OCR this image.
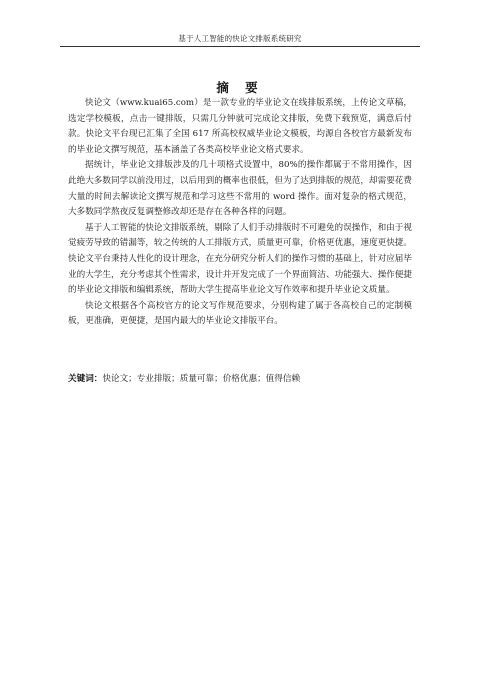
基于人工智能的快论文排版系统研究
摘 要

快论文（www.kuai65.com）是一款专业的毕业论文在线排版系统，上传论文草稿，选定学校模板，点击一键排版，只需几分钟就可完成论文排版，免费下载预览，满意后付款。快论文平台现已汇集了全国 617 所高校权威毕业论文模板，均源自各校官方最新发布的毕业论文撰写规范，基本涵盖了各类高校毕业论文格式要求。

据统计，毕业论文排版涉及的几十项格式设置中，80%的操作都属于不常用操作，因此绝大多数同学以前没用过，以后用到的概率也很低，但为了达到排版的规范，却需要花费大量的时间去解读论文撰写规范和学习这些不常用的 word 操作。面对复杂的格式规范，大多数同学熬夜反复调整修改却还是存在各种各样的问题。

基于人工智能的快论文排版系统，剔除了人们手动排版时不可避免的误操作，和由于视觉疲劳导致的错漏等，较之传统的人工排版方式，质量更可靠，价格更优惠，速度更快捷。快论文平台秉持人性化的设计理念，在充分研究分析人们的操作习惯的基础上，针对应届毕业的大学生，充分考虑其个性需求，设计并开发完成了一个界面简洁、功能强大、操作便捷的毕业论文排版和编辑系统，帮助大学生提高毕业论文写作效率和提升毕业论文质量。

快论文根据各个高校官方的论文写作规范要求，分别构建了属于各高校自己的定制模板，更准确，更便捷，是国内最大的毕业论文排版平台。

关键词：快论文；专业排版；质量可靠；价格优惠；值得信赖
